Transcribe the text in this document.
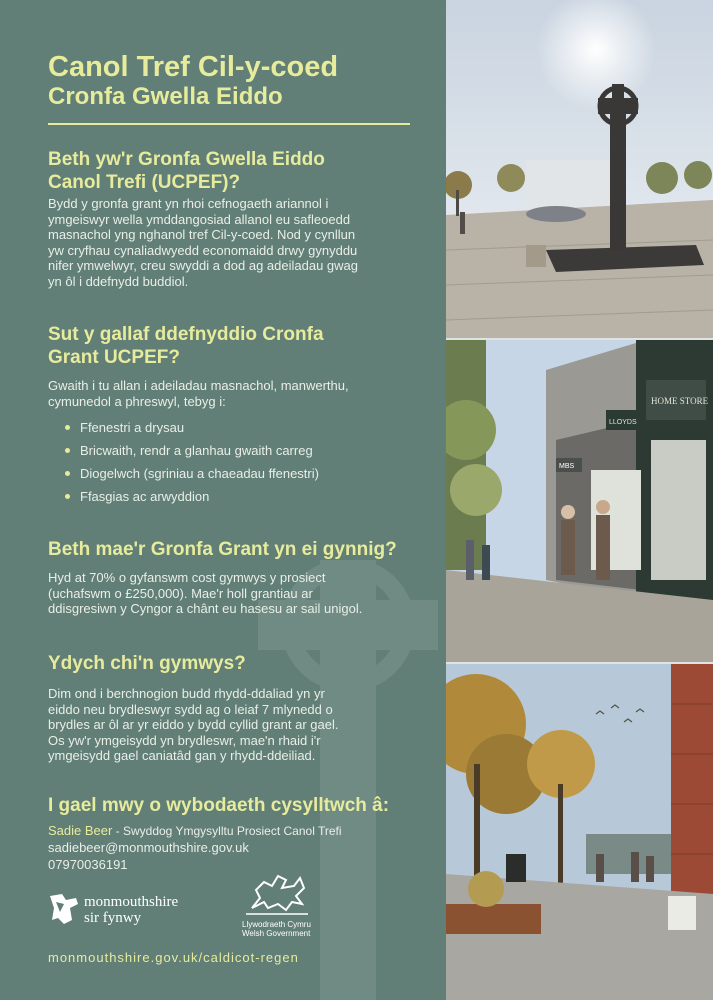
Canol Tref Cil-y-coed
Cronfa Gwella Eiddo
Beth yw'r Gronfa Gwella Eiddo
Canol Trefi (UCPEF)?

Bydd y gronfa grant yn rhoi cefnogaeth ariannol i
ymgeiswyr wella ymddangosiad allanol eu safleoedd
masnachol yng nghanol tref Cil-y-coed. Nod y cynllun
yw cryfhau cynaliadwyedd economaidd drwy gynyddu
nifer ymwelwyr, creu swyddi a dod ag adeiladau gwag
yn ôl i ddefnydd buddiol.

Sut y gallaf ddefnyddio Cronfa
Grant UCPEF?

Gwaith i tu allan i adeiladau masnachol, manwerthu,
cymunedol a phreswyl, tebyg i:

Ffenestri a drysau
Bricwaith, rendr a glanhau gwaith carreg
Diogelwch (sgriniau a chaeadau ffenestri)
Ffasgias ac arwyddion
Beth mae'r Gronfa Grant yn ei gynnig?

Hyd at 70% o gyfanswm cost gymwys y prosiect
(uchafswm o £250,000). Mae'r holl grantiau ar
ddisgresiwn y Cyngor a chânt eu hasesu ar sail unigol.

Ydych chi'n gymwys?

Dim ond i berchnogion budd rhydd-ddaliad yn yr
eiddo neu brydleswyr sydd ag o leiaf 7 mlynedd o
brydles ar ôl ar yr eiddo y bydd cyllid grant ar gael.
Os yw'r ymgeisydd yn brydleswr, mae'n rhaid i'r
ymgeisydd gael caniatâd gan y rhydd-ddeiliad.

I gael mwy o wybodaeth cysylltwch â:

Sadie Beer - Swyddog Ymgysylltu Prosiect Canol Trefi

sadiebeer@monmouthshire.gov.uk

07970036191

monmouthshire
sir fynwy	Llywodraeth Cymru
Welsh Government

monmouthshire.gov.uk/caldicot-regen

HOME STORE
LLOYDS
MBS
